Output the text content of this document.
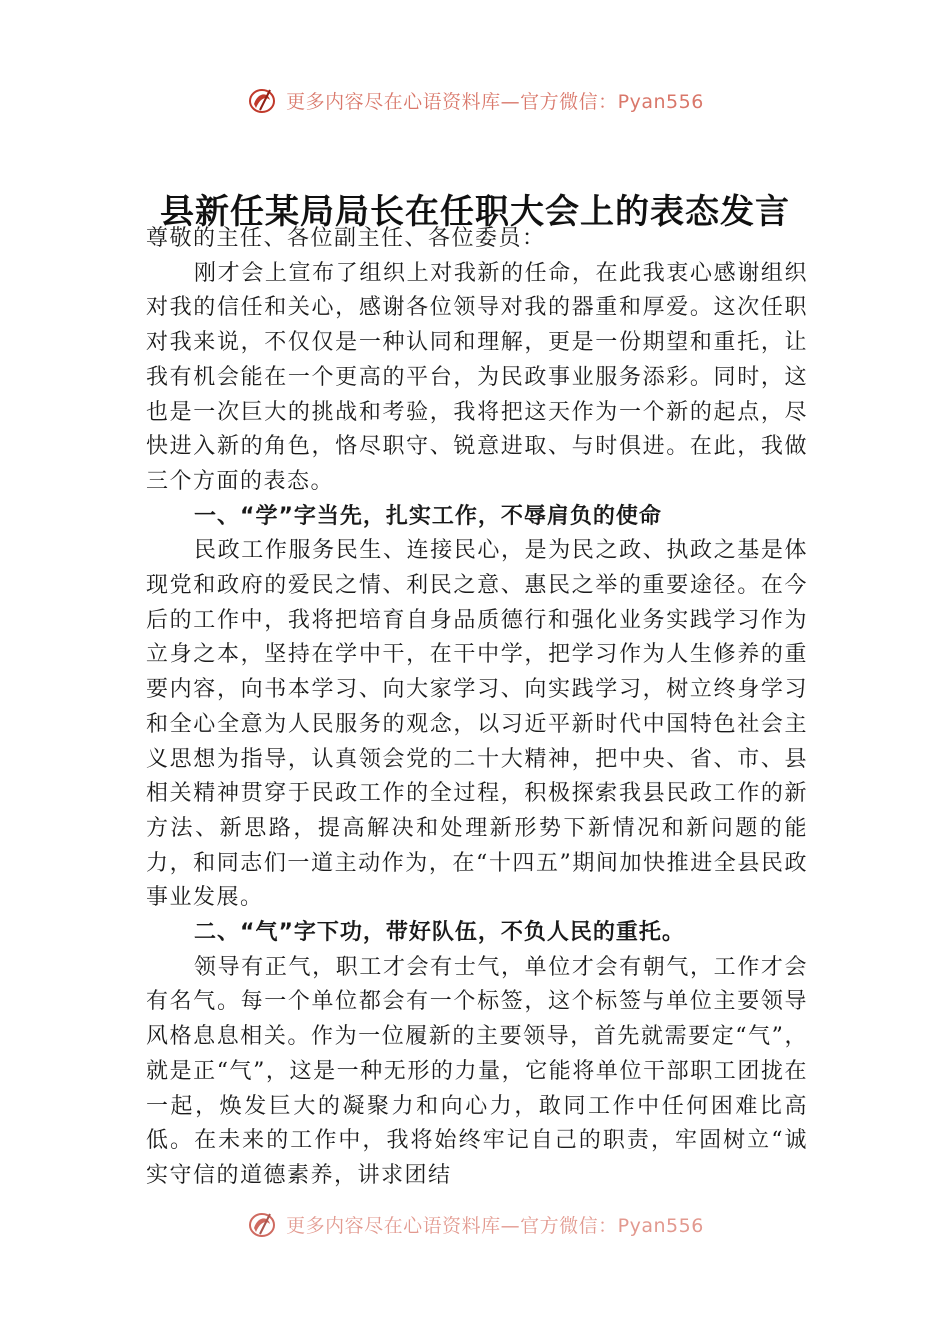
更多内容尽在心语资料库—官方微信：Pyan556
县新任某局局长在任职大会上的表态发言

尊敬的主任、各位副主任、各位委员：

刚才会上宣布了组织上对我新的任命，在此我衷心感谢组织对我的信任和关心，感谢各位领导对我的器重和厚爱。这次任职对我来说，不仅仅是一种认同和理解，更是一份期望和重托，让我有机会能在一个更高的平台，为民政事业服务添彩。同时，这也是一次巨大的挑战和考验，我将把这天作为一个新的起点，尽快进入新的角色，恪尽职守、锐意进取、与时俱进。在此，我做三个方面的表态。

一、“学”字当先，扎实工作，不辱肩负的使命

民政工作服务民生、连接民心，是为民之政、执政之基是体现党和政府的爱民之情、利民之意、惠民之举的重要途径。在今后的工作中，我将把培育自身品质德行和强化业务实践学习作为立身之本，坚持在学中干，在干中学，把学习作为人生修养的重要内容，向书本学习、向大家学习、向实践学习，树立终身学习和全心全意为人民服务的观念，以习近平新时代中国特色社会主义思想为指导，认真领会党的二十大精神，把中央、省、市、县相关精神贯穿于民政工作的全过程，积极探索我县民政工作的新方法、新思路，提高解决和处理新形势下新情况和新问题的能力，和同志们一道主动作为，在“十四五”期间加快推进全县民政事业发展。

二、“气”字下功，带好队伍，不负人民的重托。

领导有正气，职工才会有士气，单位才会有朝气，工作才会有名气。每一个单位都会有一个标签，这个标签与单位主要领导风格息息相关。作为一位履新的主要领导，首先就需要定“气”，就是正“气”，这是一种无形的力量，它能将单位干部职工团拢在一起，焕发巨大的凝聚力和向心力，敢同工作中任何困难比高低。在未来的工作中，我将始终牢记自己的职责，牢固树立“诚实守信的道德素养，讲求团结

更多内容尽在心语资料库—官方微信：Pyan556
